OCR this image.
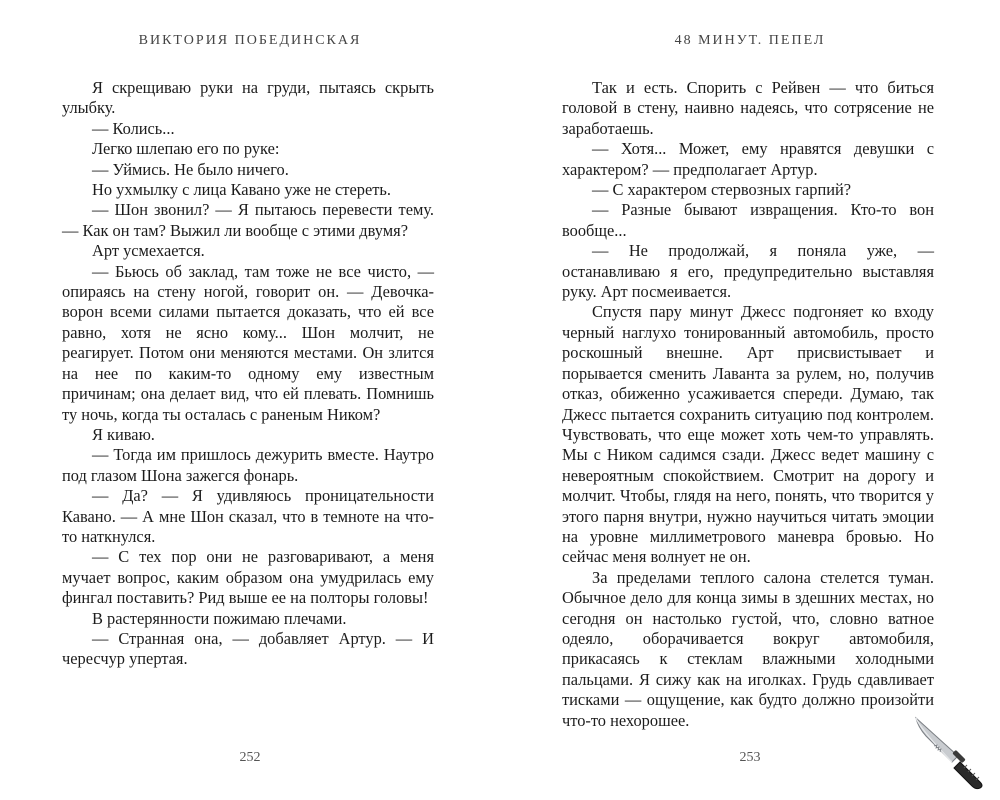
ВИКТОРИЯ ПОБЕДИНСКАЯ

Я скрещиваю руки на груди, пытаясь скрыть улыбку.

— Колись...

Легко шлепаю его по руке:

— Уймись. Не было ничего.

Но ухмылку с лица Кавано уже не стереть.

— Шон звонил? — Я пытаюсь перевести тему. — Как он там? Выжил ли вообще с этими двумя?

Арт усмехается.

— Бьюсь об заклад, там тоже не все чисто, — опираясь на стену ногой, говорит он. — Девочка-ворон всеми силами пытается доказать, что ей все равно, хотя не ясно кому... Шон молчит, не реагирует. Потом они меняются местами. Он злится на нее по каким-то одному ему известным причинам; она делает вид, что ей плевать. Помнишь ту ночь, когда ты осталась с раненым Ником?

Я киваю.

— Тогда им пришлось дежурить вместе. Наутро под глазом Шона зажегся фонарь.

— Да? — Я удивляюсь проницательности Кавано. — А мне Шон сказал, что в темноте на что-то наткнулся.

— С тех пор они не разговаривают, а меня мучает вопрос, каким образом она умудрилась ему фингал поставить? Рид выше ее на полторы головы!

В растерянности пожимаю плечами.

— Странная она, — добавляет Артур. — И чересчур упертая.

252
48 МИНУТ. ПЕПЕЛ

Так и есть. Спорить с Рейвен — что биться головой в стену, наивно надеясь, что сотрясение не заработаешь.

— Хотя... Может, ему нравятся девушки с характером? — предполагает Артур.

— С характером стервозных гарпий?

— Разные бывают извращения. Кто-то вон вообще...

— Не продолжай, я поняла уже, — останавливаю я его, предупредительно выставляя руку. Арт посмеивается.

Спустя пару минут Джесс подгоняет ко входу черный наглухо тонированный автомобиль, просто роскошный внешне. Арт присвистывает и порывается сменить Лаванта за рулем, но, получив отказ, обиженно усаживается спереди. Думаю, так Джесс пытается сохранить ситуацию под контролем. Чувствовать, что еще может хоть чем-то управлять. Мы с Ником садимся сзади. Джесс ведет машину с невероятным спокойствием. Смотрит на дорогу и молчит. Чтобы, глядя на него, понять, что творится у этого парня внутри, нужно научиться читать эмоции на уровне миллиметрового маневра бровью. Но сейчас меня волнует не он.

За пределами теплого салона стелется туман. Обычное дело для конца зимы в здешних местах, но сегодня он настолько густой, что, словно ватное одеяло, оборачивается вокруг автомобиля, прикасаясь к стеклам влажными холодными пальцами. Я сижу как на иголках. Грудь сдавливает тисками — ощущение, как будто должно произойти что-то нехорошее.

253
